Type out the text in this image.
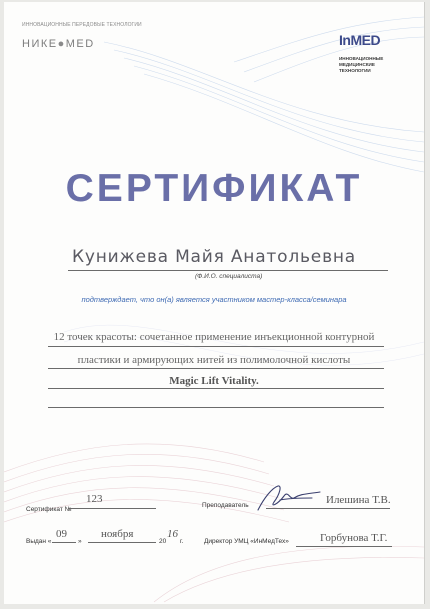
ИННОВАЦИОННЫЕ ПЕРЕДОВЫЕ ТЕХНОЛОГИИ
НИКЕ●MED	InMED
ИННОВАЦИОННЫЕ
МЕДИЦИНСКИЕ ТЕХНОЛОГИИ
СЕРТИФИКАТ
Кунижева Майя Анатольевна
(Ф.И.О. специалиста)
подтверждает, что он(а) является участником мастер-класса/семинара
12 точек красоты: сочетанное применение инъекционной контурной
пластики и армирующих нитей из полимолочной кислоты
Magic Lift Vitality.
Сертификат №
123
Выдан «
09
»
ноября
20
16
г.
Преподаватель	Илешина Т.В.
Директор УМЦ «ИнМедТех»	Горбунова Т.Г.
